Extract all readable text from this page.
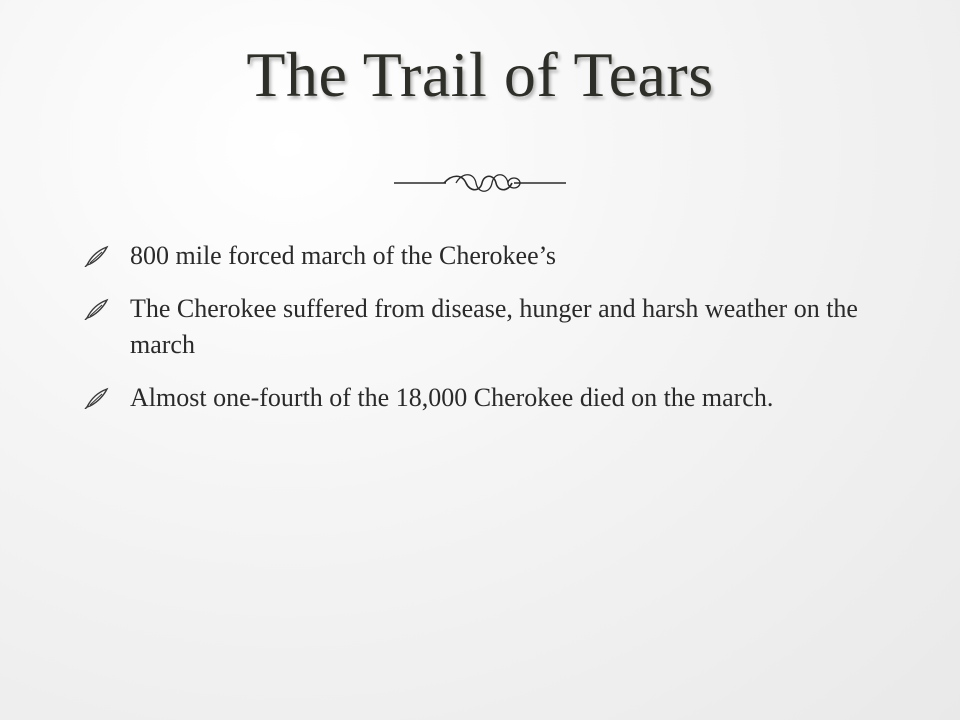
The Trail of Tears
800 mile forced march of the Cherokee’s
The Cherokee suffered from disease, hunger and harsh weather on the march
Almost one-fourth of the 18,000 Cherokee died on the march.
